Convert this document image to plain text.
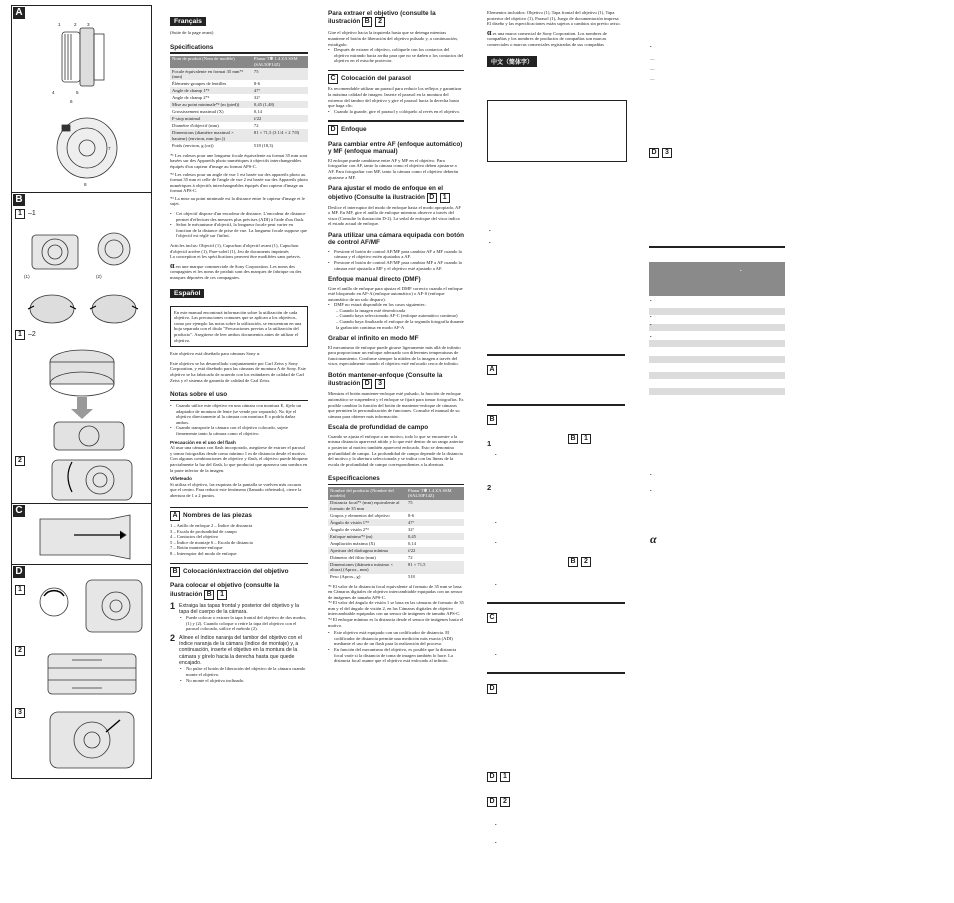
A
1	2 3
4	5
6
7
8
B
1 –1
(1)	(2)
1 –2
2
C
D
1
2
3
Français
(Suite de la page avant)
Spécifications
Nom de produit (Nom de modèle)	Planar T✽ 1.4 ZA SSM (SAL50F14Z)
Focale équivalente en format 35 mm*¹ (mm)	75
Éléments-groupes de lentilles	8-6
Angle de champ 1*²	47°
Angle de champ 2*²	32°
Mise au point minimale*³ (m (pied))	0,45 (1,48)
Grossissement maximal (X)	0,14
F-stop minimal	f/22
Diamètre d'objectif (mm)	72
Dimensions (diamètre maximal × hauteur) (environ, mm (po.))	81 × 71,5 (3 1/4 × 2 7/8)
Poids (environ, g (oz))	518 (18,3)
*¹ Les valeurs pour une longueur focale équivalente au format 35 mm sont basées sur des Appareils photo numériques à objectifs interchangeables équipés d'un capteur d'image au format APS-C.
*² Les valeurs pour un angle de vue 1 est basée sur des appareils photo au format 35 mm et celle de l'angle de vue 2 est basée sur des Appareils photo numériques à objectifs interchangeables équipés d'un capteur d'image au format APS-C.
*³ La mise au point minimale est la distance entre le capteur d'image et le sujet.
• Cet objectif dispose d'un encodeur de distance. L'encodeur de distance permet d'effectuer des mesures plus précises (ADI) à l'aide d'un flash.
• Selon le mécanisme d'objectif, la longueur focale peut varier en fonction de la distance de prise de vue. La longueur focale suppose que l'objectif est réglé sur l'infini.
Articles inclus: Objectif (1), Capuchon d'objectif avant (1), Capuchon d'objectif arrière (1), Pare-soleil (1), Jeu de documents imprimés
La conception et les spécifications peuvent être modifiées sans préavis.
α est une marque commerciale de Sony Corporation. Les noms des compagnies et les noms de produit sont des marques de fabrique ou des marques déposées de ces compagnies.
Español
En este manual encontrará información sobre la utilización de cada objetivo. Las precauciones comunes que se aplican a los objetivos, como por ejemplo las notas sobre la utilización, se encuentran en una hoja separada con el título "Precauciones previas a la utilización del producto". Asegúrese de leer ambos documentos antes de utilizar el objetivo.
Este objetivo está diseñado para cámaras Sony α.
Este objetivo se ha desarrollado conjuntamente por Carl Zeiss y Sony Corporation, y está diseñado para las cámaras de montura A de Sony. Este objetivo se ha fabricado de acuerdo con los estándares de calidad de Carl Zeiss y el sistema de garantía de calidad de Carl Zeiss.
Notas sobre el uso
• Cuando utilice este objetivo en una cámara con montura E, fíjelo un adaptador de montura de lente (se vende por separado). No fije el objetivo directamente al la cámara con montura E o podría dañar ambos.
• Cuando transporte la cámara con el objetivo colocado, sujete firmemente tanto la cámara como el objetivo.
Precaución en el uso del flash
Al usar una cámara con flash incorporado, asegúrese de extraer el parasol y tomar fotografías desde como mínimo 1 m de distancia desde el motivo. Con algunas combinaciones de objetivo y flash, el objetivo puede bloquear parcialmente la luz del flash, lo que producirá que aparezca una sombra en la parte inferior de la imagen.
Viñeteado
Si utiliza el objetivo, las esquinas de la pantalla se vuelven más oscuras que el centro. Para reducir este fenómeno (llamado viñeteado), cierre la abertura de 1 a 2 puntos.
A Nombres de las piezas
1 – Anillo de enfoque 2 – Índice de distancia
3 – Escala de profundidad de campo
4 – Contactos del objetivo
5 – Índice de montaje 6 – Escala de distancia
7 – Botón mantener-enfoque
8 – Interruptor del modo de enfoque
B Colocación/extracción del objetivo
Para colocar el objetivo (consulte la ilustración B 1
1 Extraiga las tapas frontal y posterior del objetivo y la tapa del cuerpo de la cámara.
• Puede colocar o extraer la tapa frontal del objetivo de dos modos, (1) y (2). Cuando coloque o retire la tapa del objetivo con el parasol colocado, utilice el método (2).
2 Alinee el índice naranja del tambor del objetivo con el índice naranja de la cámara (índice de montaje) y, a continuación, inserte el objetivo en la montura de la cámara y gírelo hacia la derecha hasta que quede encajado.
• No pulse el botón de liberación del objetivo de la cámara cuando monte el objetivo.
• No monte el objetivo inclinado.
Para extraer el objetivo (consulte la ilustración B 2
Gire el objetivo hacia la izquierda hasta que se detenga mientras mantiene el botón de liberación del objetivo pulsado y, a continuación, extráigalo.
• Después de extraer el objetivo, colóquele con los contactos del objetivo mirando hacia arriba para que no se dañen o los contactos del objetivo en el estuche protector.
C Colocación del parasol
Es recomendable utilizar un parasol para reducir los reflejos y garantizar la máxima calidad de imagen. Inserte el parasol en la montura del extremo del tambor del objetivo y gire el parasol hacia la derecha hasta que haga clic.
• Cuando la guarde, gire el parasol y colóquelo al revés en el objetivo.
D Enfoque
Para cambiar entre AF (enfoque automático) y MF (enfoque manual)
El enfoque puede cambiarse entre AF y MF en el objetivo. Para fotografiar con AF, tanto la cámara como el objetivo deben ajustarse a AF. Para fotografiar con MF, tanto la cámara como el objetivo deberán ajustarse a MF.
Para ajustar el modo de enfoque en el objetivo (Consulte la ilustración D 1
Deslice el interruptor del modo de enfoque hasta el modo apropiado, AF o MF. En MF, gire el anillo de enfoque mientras observe a través del visor (Consulte la ilustración D-2). La señal de enfoque del visor indica el estado actual de enfoque.
Para utilizar una cámara equipada con botón de control AF/MF
• Presione el botón de control AF/MF para cambiar AF a MF cuando la cámara y el objetivo estén ajustados a AF.
• Presione el botón de control AF/MF para cambiar MF a AF cuando la cámara esté ajustada a MF y el objetivo esté ajustado a AF.
Enfoque manual directo (DMF)
Gire el anillo de enfoque para ajustar el DMF correcto cuando el enfoque esté bloqueado en AF-A (enfoque automático) o AF-S (enfoque automático de un solo disparo).
• DMF no estará disponible en los casos siguientes:
– Cuando la imagen esté desenfocada
– Cuando haya seleccionado AF-C (enfoque automático continuo)
– Cuando haya finalizado el enfoque de la segunda fotografía durante la grabación continua en modo AF-A
Grabar el infinito en modo MF
El mecanismo de enfoque puede girarse ligeramente más allá de infinito para proporcionar un enfoque adecuado con diferentes temperaturas de funcionamiento. Confirme siempre la nitidez de la imagen a través del visor, especialmente cuando el objetivo esté enfocado cerca de infinito.
Botón mantener-enfoque (Consulte la ilustración D 3
Mientras el botón mantener-enfoque esté pulsado, la función de enfoque automático se suspenderá y el enfoque se fijará para tomar fotografías. Es posible cambiar la función del botón de mantener-enfoque de cámaras que permiten la personalización de funciones. Consulte el manual de su cámara para obtener más información.
Escala de profundidad de campo
Cuando se ajusta el enfoque a un motivo, todo lo que se encuentre a la misma distancia aparecerá nítido y lo que esté dentro de un rango anterior o posterior al motivo también aparecerá enfocado. Esto se denomina profundidad de campo. La profundidad de campo depende de la distancia del motivo y la abertura seleccionada y se indica con las líneas de la escala de profundidad de campo correspondientes a la abertura.
Especificaciones
Nombre del producto (Nombre del modelo)	Planar T✽ 1.4 ZA SSM (SAL50F14Z)
Distancia focal*¹ (mm) equivalente al formato de 35 mm	75
Grupos y elementos del objetivo	8-6
Ángulo de visión 1*²	47°
Ángulo de visión 2*²	32°
Enfoque mínimo*³ (m)	0,45
Ampliación máxima (X)	0,14
Apertura del diafragma mínima	f/22
Diámetro del filtro (mm)	72
Dimensiones (diámetro máximo × altura) (Aprox., mm)	81 × 71,5
Peso (Aprox., g)	518
*¹ El valor de la distancia focal equivalente al formato de 35 mm se basa en Cámaras digitales de objetivo intercambiable equipadas con un sensor de imágenes de tamaño APS-C.
*² El valor del ángulo de visión 1 se basa en las cámaras de formato de 35 mm y el del ángulo de visión 2, en las Cámaras digitales de objetivo intercambiable equipadas con un sensor de imágenes de tamaño APS-C.
*³ El enfoque mínimo es la distancia desde el sensor de imágenes hasta el motivo.
• Este objetivo está equipado con un codificador de distancia. El codificador de distancia permite una medición más exacta (ADI) mediante el uso de un flash para la realización del proceso.
• En función del mecanismo del objetivo, es posible que la distancia focal varíe si la distancia de toma de imagen también lo hace. La distancia focal asume que el objetivo está enfocado al infinito.
Elementos incluidos: Objetivo (1), Tapa frontal del objetivo (1), Tapa posterior del objetivo (1), Parasol (1), Juego de documentación impresa
El diseño y las especificaciones están sujetos a cambios sin previo aviso.
α es una marca comercial de Sony Corporation. Los nombres de compañías y los nombres de productos de compañías son marcas comerciales o marcas comerciales registradas de sus compañías
中文（简体字）
•
•
A
B
B 1
1
•
2
•
•
B 2
•
C
•
D
D 1
D 2
•
•
•
—
—
—
D 3
•
•
•
•
•
•
•
α
